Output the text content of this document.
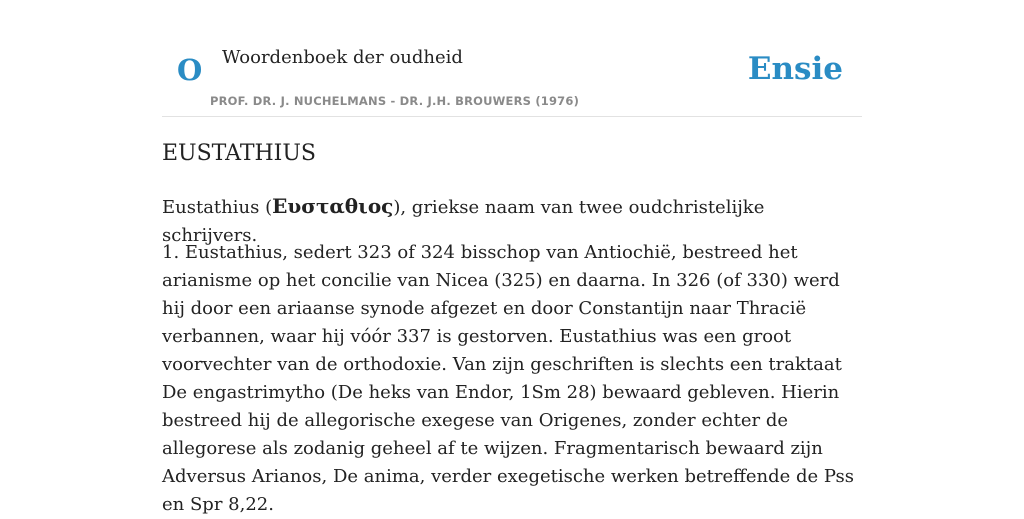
O Woordenboek der oudheid
PROF. DR. J. NUCHELMANS - DR. J.H. BROUWERS (1976)
Ensie
EUSTATHIUS

Eustathius (Ευσταθιος), griekse naam van twee oudchristelijke schrijvers.

1. Eustathius, sedert 323 of 324 bisschop van Antiochië, bestreed het arianisme op het concilie van Nicea (325) en daarna. In 326 (of 330) werd hij door een ariaanse synode afgezet en door Constantijn naar Thracië verbannen, waar hij vóór 337 is gestorven. Eustathius was een groot voorvechter van de orthodoxie. Van zijn geschriften is slechts een traktaat De engastrimytho (De heks van Endor, 1Sm 28) bewaard gebleven. Hierin bestreed hij de allegorische exegese van Origenes, zonder echter de allegorese als zodanig geheel af te wijzen. Fragmentarisch bewaard zijn Adversus Arianos, De anima, verder exegetische werken betreffende de Pss en Spr 8,22.
